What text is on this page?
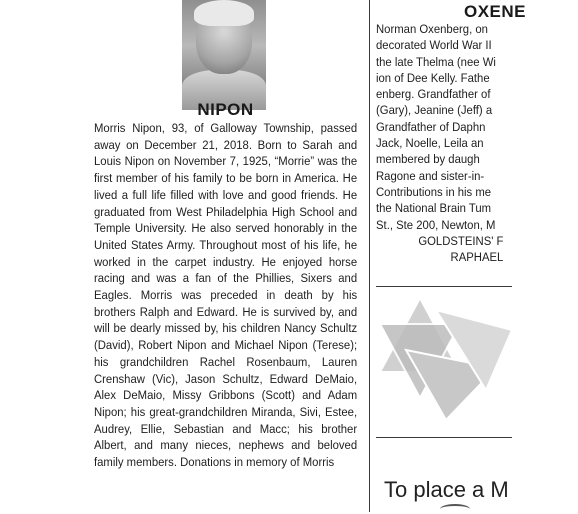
NIPON
Morris Nipon, 93, of Galloway Township, passed away on December 21, 2018. Born to Sarah and Louis Nipon on November 7, 1925, “Morrie” was the first member of his family to be born in America. He lived a full life filled with love and good friends. He graduated from West Philadelphia High School and Temple University. He also served honorably in the United States Army. Throughout most of his life, he worked in the carpet industry. He enjoyed horse racing and was a fan of the Phillies, Sixers and Eagles. Morris was preceded in death by his brothers Ralph and Edward. He is survived by, and will be dearly missed by, his children Nancy Schultz (David), Robert Nipon and Michael Nipon (Terese); his grandchildren Rachel Rosenbaum, Lauren Crenshaw (Vic), Jason Schultz, Edward DeMaio, Alex DeMaio, Missy Gribbons (Scott) and Adam Nipon; his great-grandchildren Miranda, Sivi, Estee, Audrey, Ellie, Sebastian and Macc; his brother Albert, and many nieces, nephews and beloved family members. Donations in memory of Morris
OXENE
Norman Oxenberg, on
decorated World War II
the late Thelma (nee Wi
ion of Dee Kelly. Fathe
enberg. Grandfather of
(Gary), Jeanine (Jeff) a
Grandfather of Daphn
Jack, Noelle, Leila an
membered by daugh
Ragone and sister-in-
Contributions in his me
the National Brain Tum
St., Ste 200, Newton, M
GOLDSTEINS' F
RAPHAEL
To place a M
